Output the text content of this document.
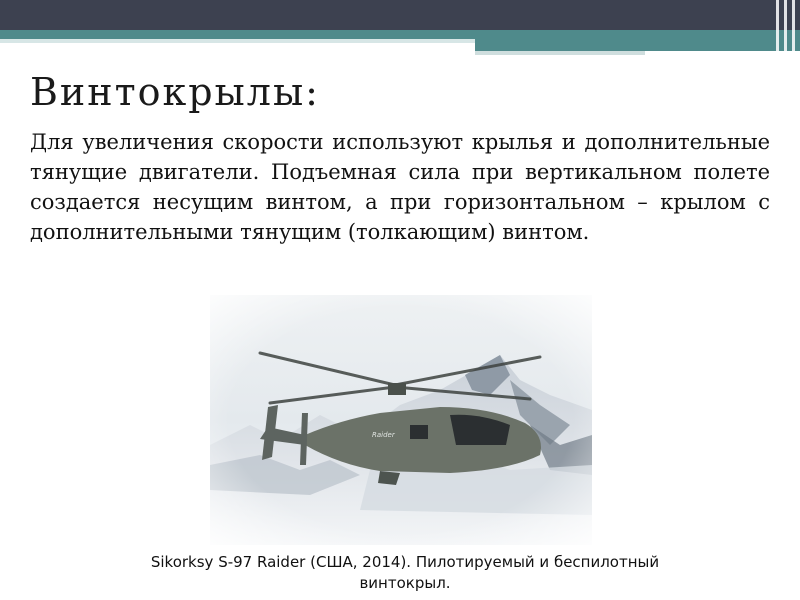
Винтокрылы:
Для увеличения скорости используют крылья и дополнительные тянущие двигатели. Подъемная сила при вертикальном полете создается несущим винтом, а при горизонтальном – крылом с дополнительными тянущим (толкающим) винтом.
Sikorksy S-97 Raider (США, 2014). Пилотируемый и беспилотный
винтокрыл.
